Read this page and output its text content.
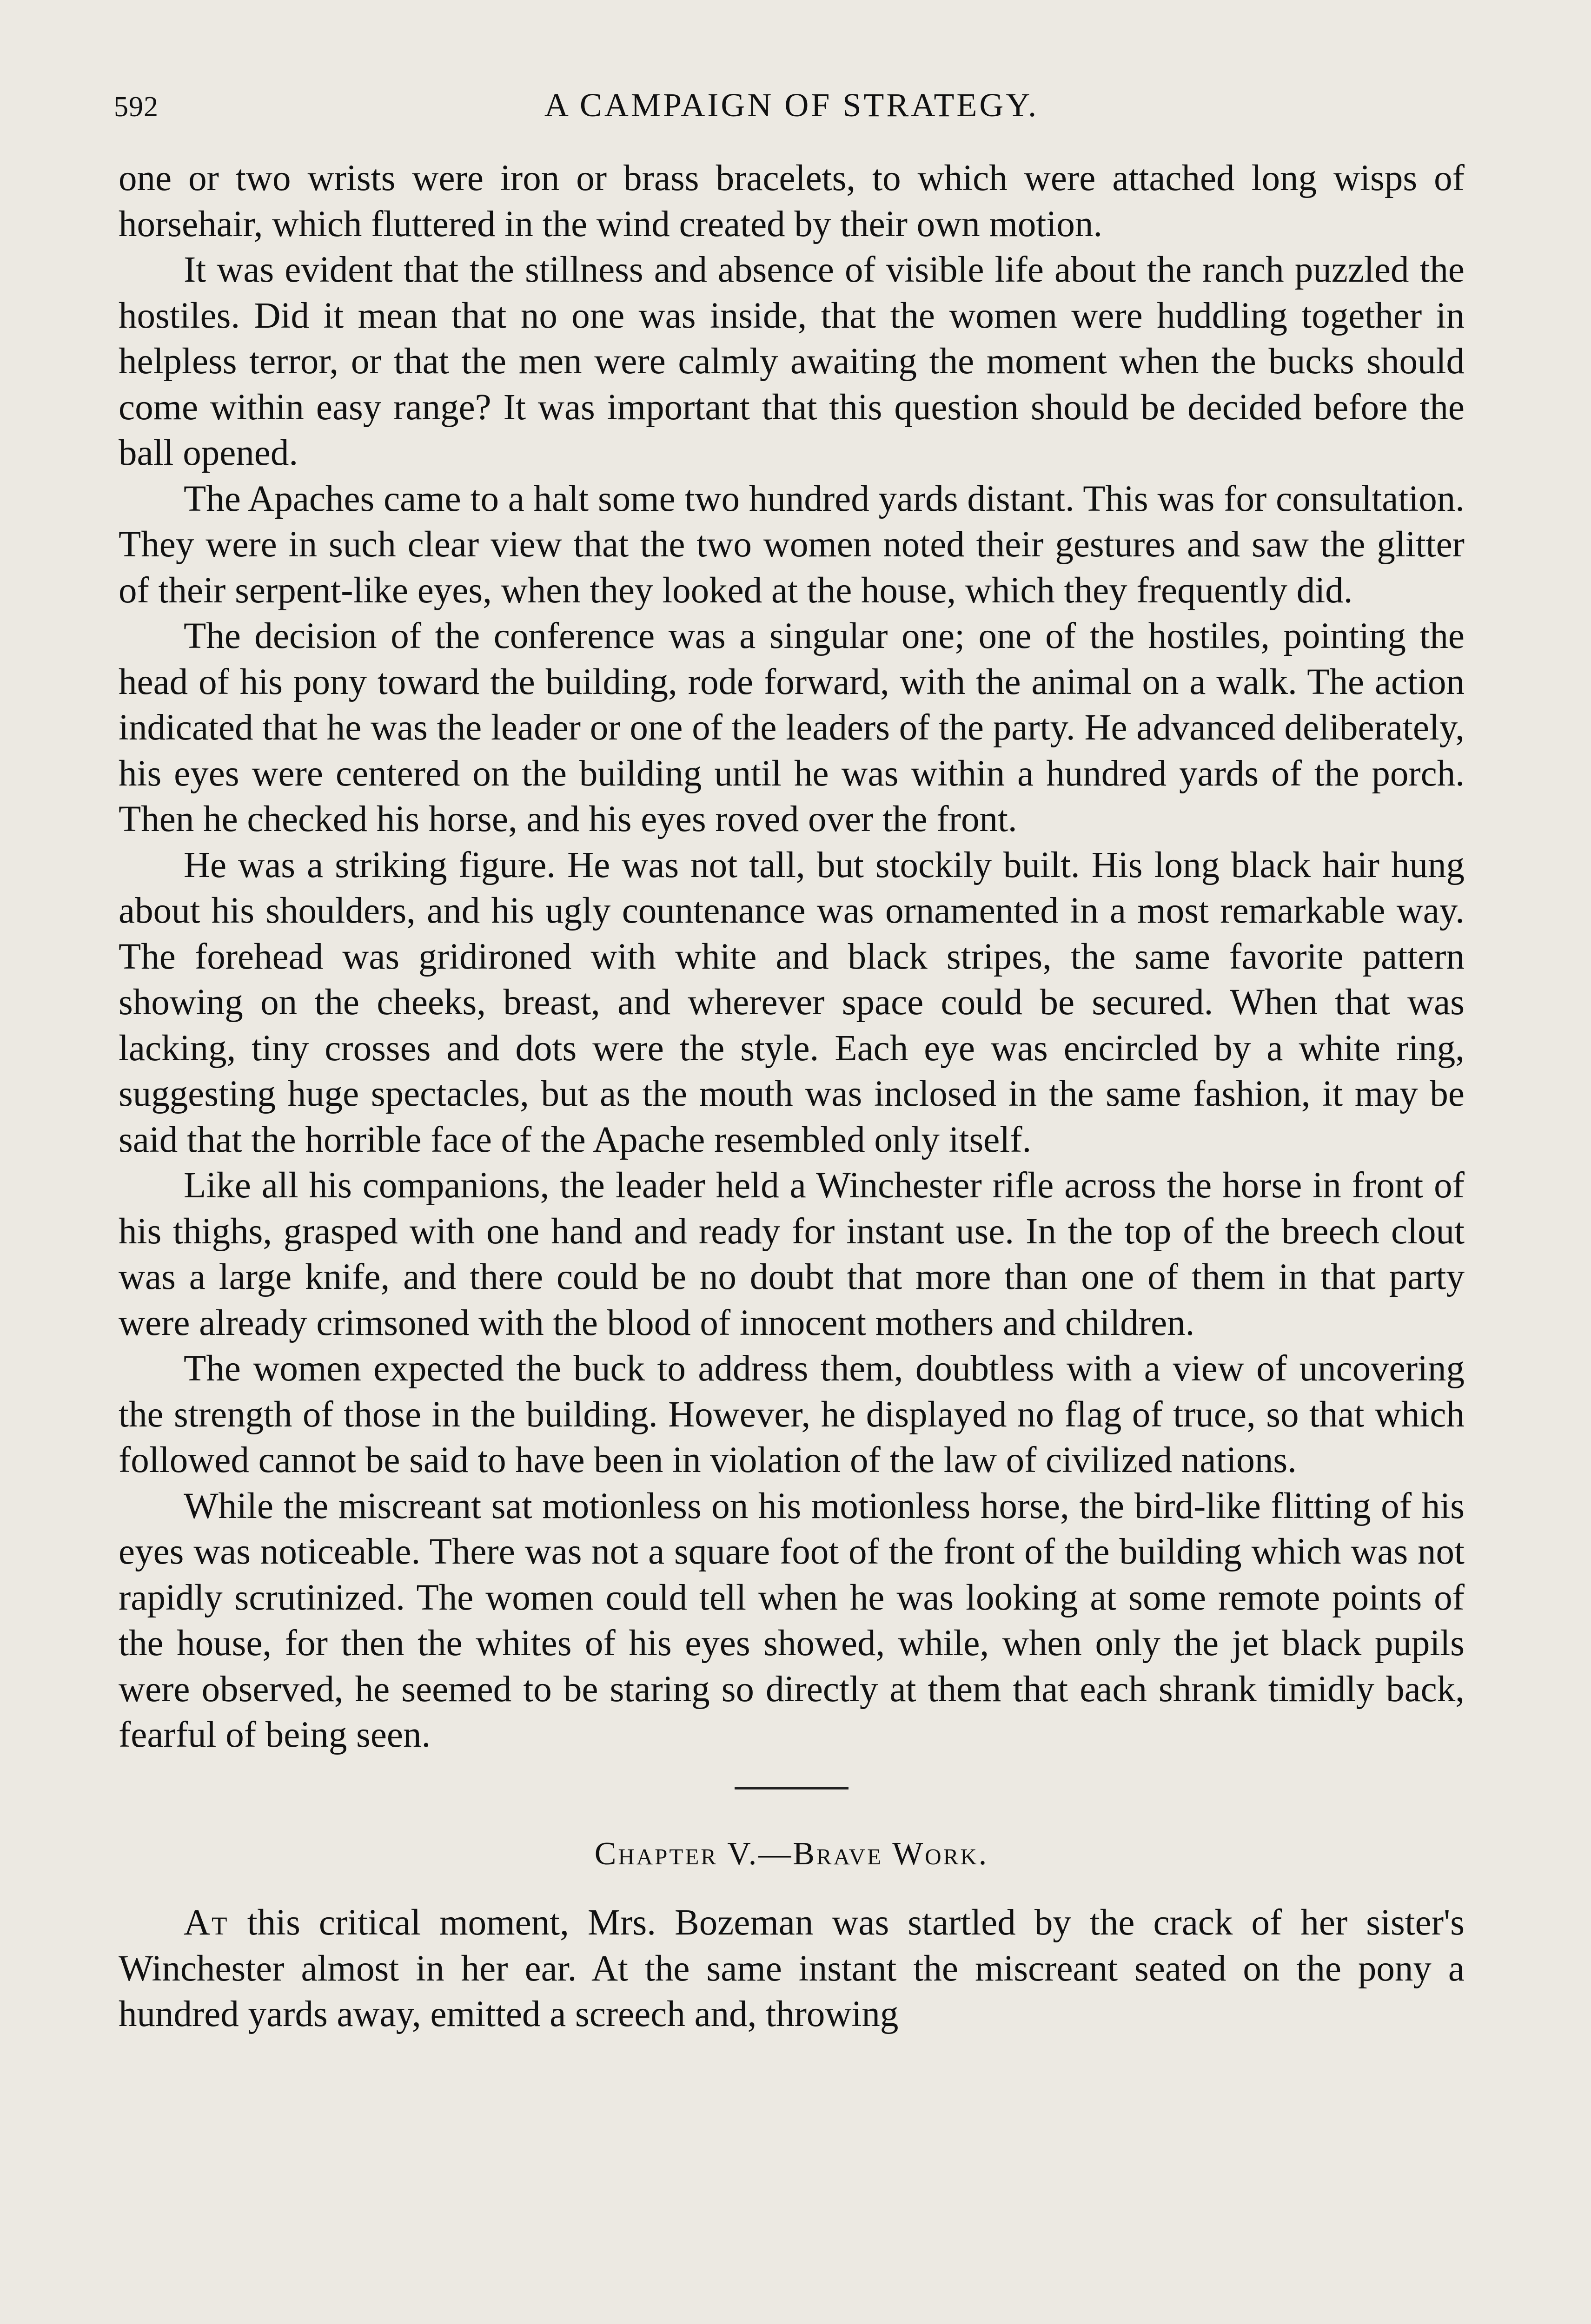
592	A CAMPAIGN OF STRATEGY.

one or two wrists were iron or brass bracelets, to which were attached long wisps of horsehair, which fluttered in the wind created by their own motion.

It was evident that the stillness and absence of visible life about the ranch puzzled the hostiles. Did it mean that no one was inside, that the women were huddling together in helpless terror, or that the men were calmly awaiting the moment when the bucks should come within easy range? It was important that this question should be decided before the ball opened.

The Apaches came to a halt some two hundred yards distant. This was for consultation. They were in such clear view that the two women noted their gestures and saw the glitter of their serpent-like eyes, when they looked at the house, which they frequently did.

The decision of the conference was a singular one; one of the hostiles, pointing the head of his pony toward the building, rode forward, with the animal on a walk. The action indicated that he was the leader or one of the leaders of the party. He advanced deliberately, his eyes were centered on the building until he was within a hundred yards of the porch. Then he checked his horse, and his eyes roved over the front.

He was a striking figure. He was not tall, but stockily built. His long black hair hung about his shoulders, and his ugly countenance was ornamented in a most remarkable way. The forehead was gridironed with white and black stripes, the same favorite pattern showing on the cheeks, breast, and wherever space could be secured. When that was lacking, tiny crosses and dots were the style. Each eye was encircled by a white ring, suggesting huge spectacles, but as the mouth was inclosed in the same fashion, it may be said that the horrible face of the Apache resembled only itself.

Like all his companions, the leader held a Winchester rifle across the horse in front of his thighs, grasped with one hand and ready for instant use. In the top of the breech clout was a large knife, and there could be no doubt that more than one of them in that party were already crimsoned with the blood of innocent mothers and children.

The women expected the buck to address them, doubtless with a view of uncovering the strength of those in the building. However, he displayed no flag of truce, so that which followed cannot be said to have been in violation of the law of civilized nations.

While the miscreant sat motionless on his motionless horse, the bird-like flitting of his eyes was noticeable. There was not a square foot of the front of the building which was not rapidly scrutinized. The women could tell when he was looking at some remote points of the house, for then the whites of his eyes showed, while, when only the jet black pupils were observed, he seemed to be staring so directly at them that each shrank timidly back, fearful of being seen.

Chapter V.—Brave Work.

At this critical moment, Mrs. Bozeman was startled by the crack of her sister's Winchester almost in her ear. At the same instant the miscreant seated on the pony a hundred yards away, emitted a screech and, throwing
